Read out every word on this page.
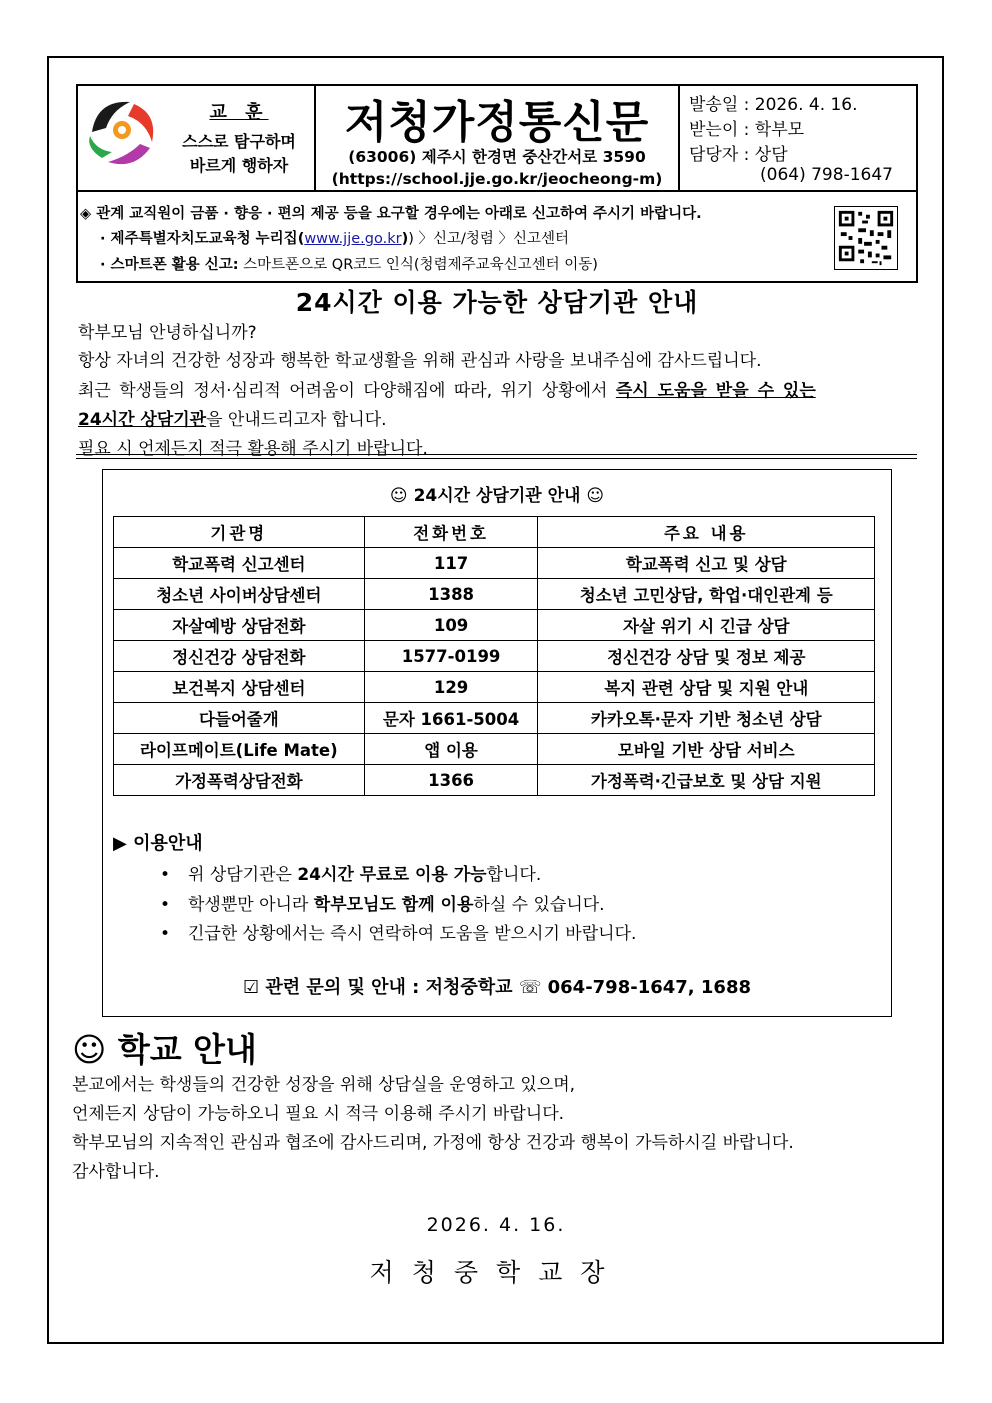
교 훈
스스로 탐구하며
바르게 행하자
저청가정통신문
(63006) 제주시 한경면 중산간서로 3590
(https://school.jje.go.kr/jeocheong-m)
발송일 : 2026. 4. 16.
받는이 : 학부모
담당자 : 상담
(064) 798-1647
◈ 관계 교직원이 금품 · 향응 · 편의 제공 등을 요구할 경우에는 아래로 신고하여 주시기 바랍니다.
· 제주특별자치도교육청 누리집(www.jje.go.kr)) 〉신고/청렴 〉신고센터
· 스마트폰 활용 신고: 스마트폰으로 QR코드 인식(청렴제주교육신고센터 이동)
24시간 이용 가능한 상담기관 안내
학부모님 안녕하십니까?
항상 자녀의 건강한 성장과 행복한 학교생활을 위해 관심과 사랑을 보내주심에 감사드립니다.
최근 학생들의 정서·심리적 어려움이 다양해짐에 따라, 위기 상황에서 즉시 도움을 받을 수 있는
24시간 상담기관을 안내드리고자 합니다.
필요 시 언제든지 적극 활용해 주시기 바랍니다.
☺ 24시간 상담기관 안내 ☺
기관명	전화번호	주요 내용
학교폭력 신고센터	117	학교폭력 신고 및 상담
청소년 사이버상담센터	1388	청소년 고민상담, 학업·대인관계 등
자살예방 상담전화	109	자살 위기 시 긴급 상담
정신건강 상담전화	1577-0199	정신건강 상담 및 정보 제공
보건복지 상담센터	129	복지 관련 상담 및 지원 안내
다들어줄개	문자 1661-5004	카카오톡·문자 기반 청소년 상담
라이프메이트(Life Mate)	앱 이용	모바일 기반 상담 서비스
가정폭력상담전화	1366	가정폭력·긴급보호 및 상담 지원
▶ 이용안내
• 위 상담기관은 24시간 무료로 이용 가능합니다.
• 학생뿐만 아니라 학부모님도 함께 이용하실 수 있습니다.
• 긴급한 상황에서는 즉시 연락하여 도움을 받으시기 바랍니다.
☑ 관련 문의 및 안내 : 저청중학교 ☏ 064-798-1647, 1688
☺ 학교 안내
본교에서는 학생들의 건강한 성장을 위해 상담실을 운영하고 있으며,
언제든지 상담이 가능하오니 필요 시 적극 이용해 주시기 바랍니다.
학부모님의 지속적인 관심과 협조에 감사드리며, 가정에 항상 건강과 행복이 가득하시길 바랍니다.
감사합니다.
2026. 4. 16.
저청중학교장
